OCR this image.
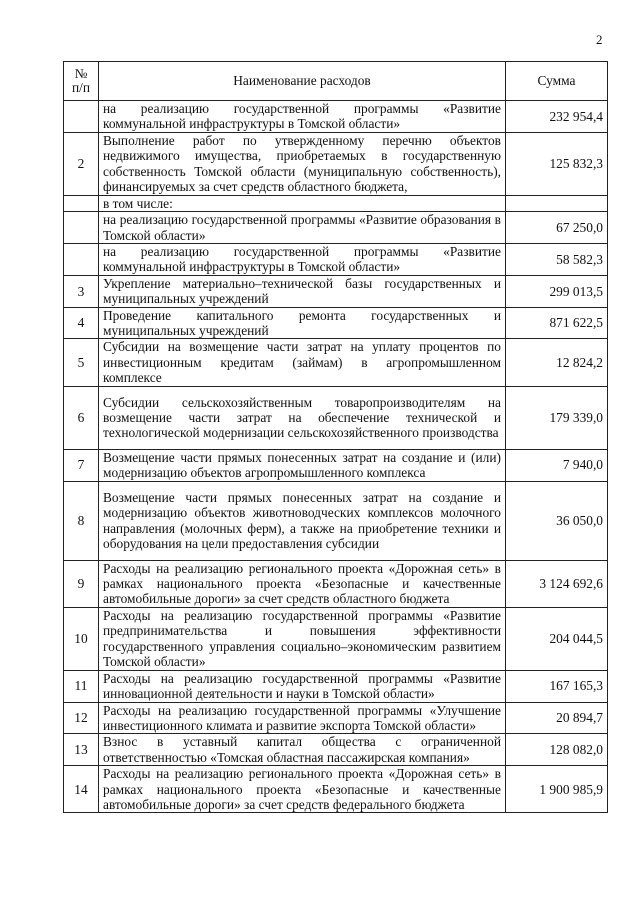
2
№
п/п	Наименование расходов	Сумма
	на реализацию государственной программы «Развитие коммунальной инфраструктуры в Томской области»	232 954,4
2	Выполнение работ по утвержденному перечню объектов недвижимого имущества, приобретаемых в государственную собственность Томской области (муниципальную собственность), финансируемых за счет средств областного бюджета,	125 832,3
	в том числе:	
	на реализацию государственной программы «Развитие образования в Томской области»	67 250,0
	на реализацию государственной программы «Развитие коммунальной инфраструктуры в Томской области»	58 582,3
3	Укрепление материально–технической базы государственных и муниципальных учреждений	299 013,5
4	Проведение капитального ремонта государственных и муниципальных учреждений	871 622,5
5	Субсидии на возмещение части затрат на уплату процентов по инвестиционным кредитам (займам) в агропромышленном комплексе	12 824,2
6	Субсидии сельскохозяйственным товаропроизводителям на возмещение части затрат на обеспечение технической и технологической модернизации сельскохозяйственного производства	179 339,0
7	Возмещение части прямых понесенных затрат на создание и (или) модернизацию объектов агропромышленного комплекса	7 940,0
8	Возмещение части прямых понесенных затрат на создание и модернизацию объектов животноводческих комплексов молочного направления (молочных ферм), а также на приобретение техники и оборудования на цели предоставления субсидии	36 050,0
9	Расходы на реализацию регионального проекта «Дорожная сеть» в рамках национального проекта «Безопасные и качественные автомобильные дороги» за счет средств областного бюджета	3 124 692,6
10	Расходы на реализацию государственной программы «Развитие предпринимательства и повышения эффективности государственного управления социально–экономическим развитием Томской области»	204 044,5
11	Расходы на реализацию государственной программы «Развитие инновационной деятельности и науки в Томской области»	167 165,3
12	Расходы на реализацию государственной программы «Улучшение инвестиционного климата и развитие экспорта Томской области»	20 894,7
13	Взнос в уставный капитал общества с ограниченной ответственностью «Томская областная пассажирская компания»	128 082,0
14	Расходы на реализацию регионального проекта «Дорожная сеть» в рамках национального проекта «Безопасные и качественные автомобильные дороги» за счет средств федерального бюджета	1 900 985,9
